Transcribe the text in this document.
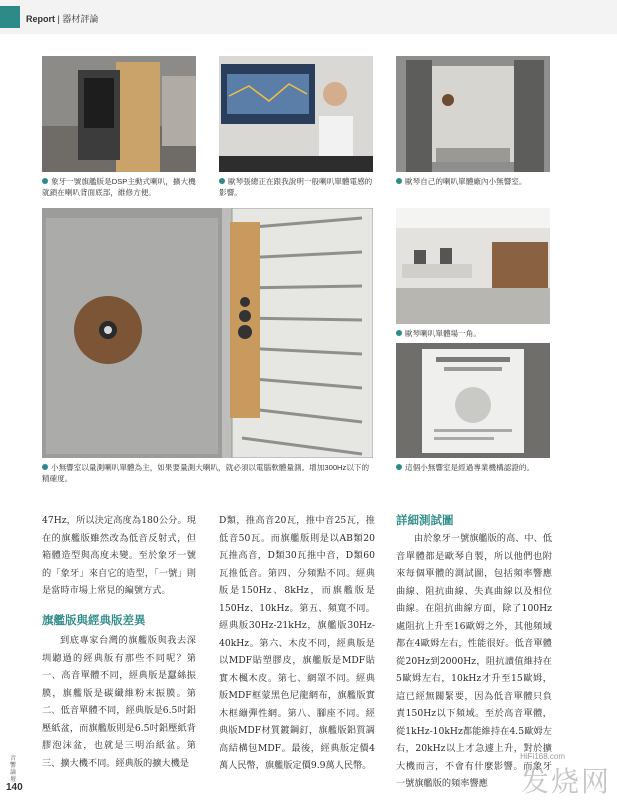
Report | 器材評論
象牙一號旗艦版是DSP主動式喇叭，擴大機就鎖在喇叭背面底部，維修方便。
歐琴張總正在跟我說明一般喇叭單體電感的影響。
歐琴自己的喇叭單體廠內小無響室。
小無響室以量測喇叭單體為主，如果要量測大喇叭，就必須以電腦軟體量測。增加300Hz以下的精確度。
歐琴喇叭單體場一角。
這個小無響室是經過專業機構認證的。

47Hz，所以決定高度為180公分。現在的旗艦版雖然改為低音反射式，但箱體造型與高度未變。至於象牙一號的「象牙」來自它的造型，「一號」則是當時市場上常見的編號方式。

旗艦版與經典版差異

到底專家台灣的旗艦版與我去深圳聽過的經典版有那些不同呢？第一、高音單體不同，經典版是蠶絲振膜，旗艦版是碳纖維粉末振膜。第二、低音單體不同，經典版是6.5吋鋁壓紙盆，而旗艦版則是6.5吋鋁壓紙背膠泡沫盆，也就是三明治紙盆。第三、擴大機不同。經典版的擴大機是

D類，推高音20瓦，推中音25瓦，推低音50瓦。而旗艦版則是以AB類20瓦推高音，D類30瓦推中音，D類60瓦推低音。第四、分頻點不同。經典版是150Hz、8kHz，而旗艦版是150Hz、10kHz。第五、頻寬不同。經典版30Hz-21kHz，旗艦版30Hz-40kHz。第六、木皮不同，經典版是以MDF貼塑膠皮，旗艦版是MDF貼實木楓木皮。第七、網罩不同。經典版MDF框蒙黑色尼龍網布，旗艦版實木框繃彈性網。第八、腳座不同。經典版MDF材質鍍鋼釘，旗艦版鋁質調高結構包MDF。最後，經典版定價4萬人民幣，旗艦版定價9.9萬人民幣。

詳細測試圖

由於象牙一號旗艦版的高、中、低音單體都是歐琴自製，所以他們也附來每個單體的測試圖，包括頻率響應曲線、阻抗曲線、失真曲線以及相位曲線。在阻抗曲線方面，除了100Hz處阻抗上升至16歐姆之外，其他頻域都在4歐姆左右，性能很好。低音單體從20Hz到2000Hz，阻抗讀值維持在5歐姆左右，10kHz才升至15歐姆，這已經無關緊要，因為低音單體只負責150Hz以下頻域。至於高音單體，從1kHz-10kHz都能維持在4.5歐姆左右，20kHz以上才急遽上升，對於擴大機而言，不會有什麼影響。而象牙一號旗艦版的頻率響應

音響論壇
140
HiFi168.com
发烧网
